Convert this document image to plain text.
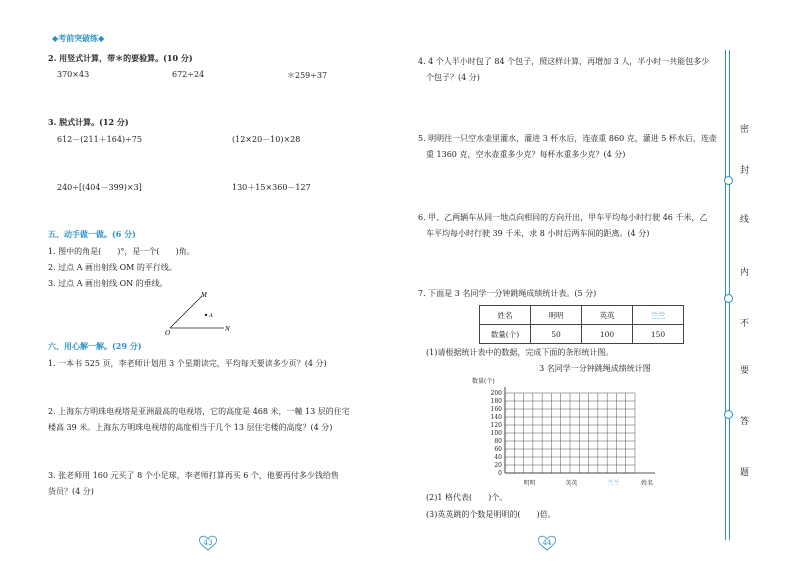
◆考前突破练◆
2. 用竖式计算，带＊的要验算。(10 分)
370×43	672÷24	＊259÷37
3. 脱式计算。(12 分)
612－(211＋164)÷75	(12×20－10)×28
240÷[(404－399)×3]	130＋15×360－127
五、动手做一做。(6 分)
1. 图中的角是(　　)°，是一个(　　)角。
2. 过点 A 画出射线 OM 的平行线。
3. 过点 A 画出射线 ON 的垂线。
M
A
O	N
六、用心解一解。(29 分)
1. 一本书 525 页，李老师计划用 3 个星期读完，平均每天要读多少页？(4 分)
2. 上海东方明珠电视塔是亚洲最高的电视塔，它的高度是 468 米，一幢 13 层的住宅
楼高 39 米。上海东方明珠电视塔的高度相当于几个 13 层住宅楼的高度？(4 分)
3. 张老师用 160 元买了 8 个小足球，李老师打算再买 6 个，他要再付多少钱给售
货员？(4 分)
43
4. 4 个人半小时包了 84 个包子，照这样计算，再增加 3 人，半小时一共能包多少
个包子？(4 分)
5. 明明往一只空水壶里灌水，灌进 3 杯水后，连壶重 860 克，灌进 5 杯水后，连壶
重 1360 克，空水壶重多少克？每杯水重多少克？(4 分)
6. 甲、乙两辆车从同一地点向相同的方向开出，甲车平均每小时行驶 46 千米，乙
车平均每小时行驶 39 千米，求 8 小时后两车间的距离。(4 分)
7. 下面是 3 名同学一分钟跳绳成绩统计表。(5 分)
姓名	明明	英英	兰兰
数量(个)	50	100	150
(1)请根据统计表中的数据，完成下面的条形统计图。
3 名同学一分钟跳绳成绩统计图
数量(个)
0
20
40
60
80
100
120
140
160
180
200
明明	英英	兰兰	姓名
(2)1 格代表(　　)个。
(3)英英跳的个数是明明的(　　)倍。
44
密
封
线
内
不
要
答
题
